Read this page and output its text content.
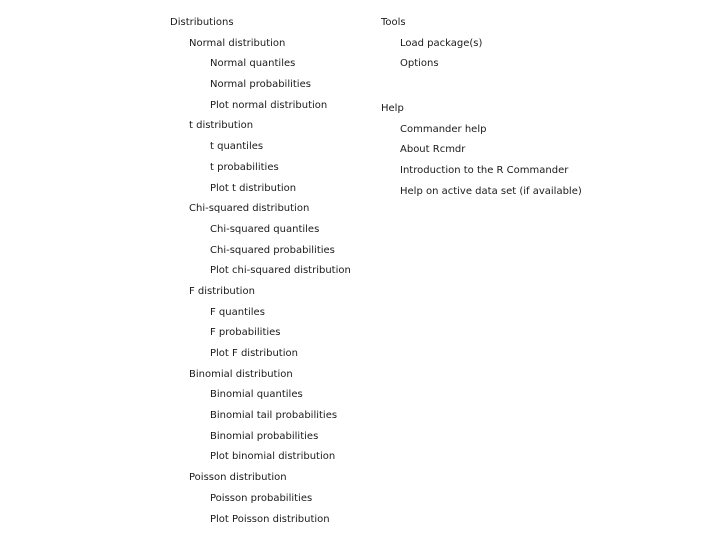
Distributions
Normal distribution
Normal quantiles
Normal probabilities
Plot normal distribution
t distribution
t quantiles
t probabilities
Plot t distribution
Chi-squared distribution
Chi-squared quantiles
Chi-squared probabilities
Plot chi-squared distribution
F distribution
F quantiles
F probabilities
Plot F distribution
Binomial distribution
Binomial quantiles
Binomial tail probabilities
Binomial probabilities
Plot binomial distribution
Poisson distribution
Poisson probabilities
Plot Poisson distribution
Tools
Load package(s)
Options
Help
Commander help
About Rcmdr
Introduction to the R Commander
Help on active data set (if available)
